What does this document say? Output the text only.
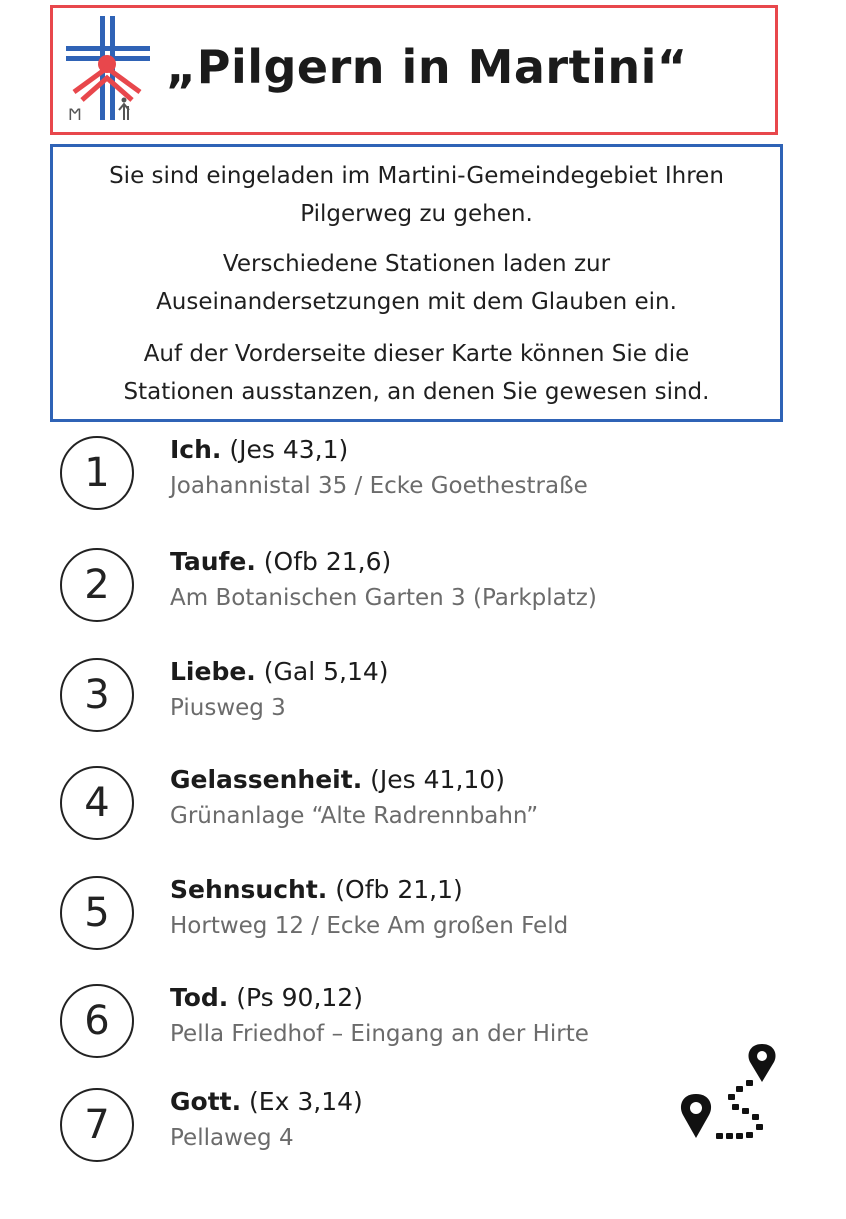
Ϻ
„Pilgern in Martini“

Sie sind eingeladen im Martini-Gemeindegebiet Ihren Pilgerweg zu gehen.

Verschiedene Stationen laden zur Auseinandersetzungen mit dem Glauben ein.

Auf der Vorderseite dieser Karte können Sie die Stationen ausstanzen, an denen Sie gewesen sind.

1
Ich. (Jes 43,1)
Joahannistal 35 / Ecke Goethestraße
2
Taufe. (Ofb 21,6)
Am Botanischen Garten 3 (Parkplatz)
3
Liebe. (Gal 5,14)
Piusweg 3
4
Gelassenheit. (Jes 41,10)
Grünanlage “Alte Radrennbahn”
5
Sehnsucht. (Ofb 21,1)
Hortweg 12 / Ecke Am großen Feld
6
Tod. (Ps 90,12)
Pella Friedhof – Eingang an der Hirte
7
Gott. (Ex 3,14)
Pellaweg 4
